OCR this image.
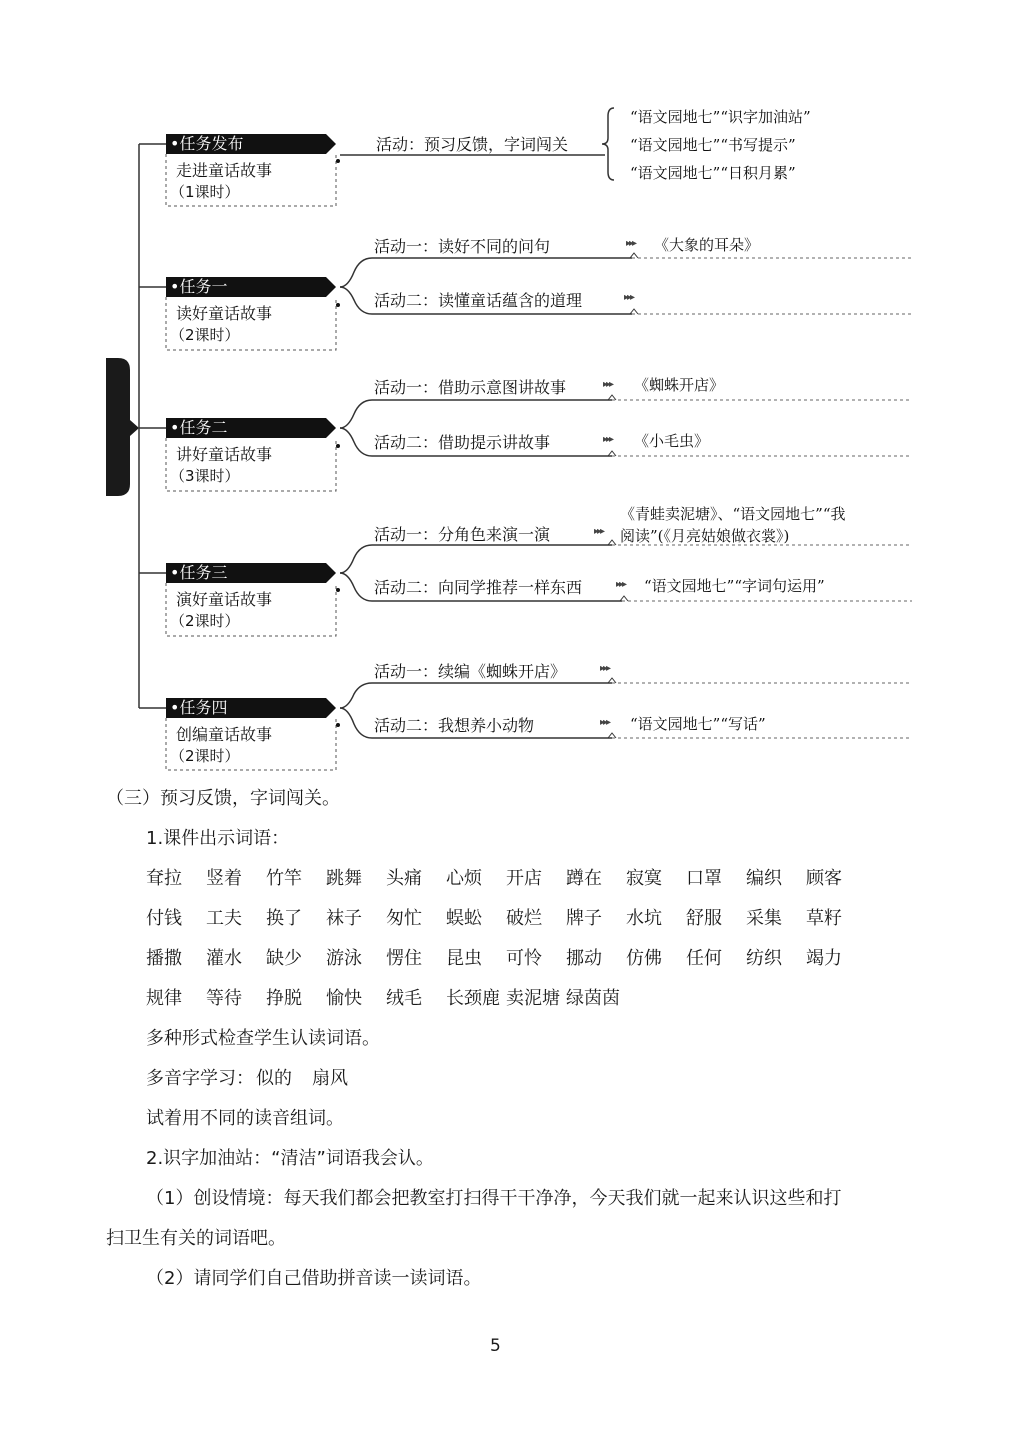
•任务发布
•任务一
•任务二
•任务三
•任务四
走进童话故事
（1课时）
读好童话故事
（2课时）
讲好童话故事
（3课时）
演好童话故事
（2课时）
创编童话故事
（2课时）
活动：预习反馈，字词闯关
“语文园地七”“识字加油站”
“语文园地七”“书写提示”
“语文园地七”“日积月累”
活动一：读好不同的问句	▸▸▸ 《大象的耳朵》
活动二：读懂童话蕴含的道理	▸▸▸
活动一：借助示意图讲故事	▸▸▸ 《蜘蛛开店》
活动二：借助提示讲故事	▸▸▸ 《小毛虫》
活动一：分角色来演一演	▸▸▸
《青蛙卖泥塘》、“语文园地七”“我
阅读”(《月亮姑娘做衣裳》)
活动二：向同学推荐一样东西	▸▸▸ “语文园地七”“字词句运用”
活动一：续编《蜘蛛开店》	▸▸▸
活动二：我想养小动物	▸▸▸ “语文园地七”“写话”
（三）预习反馈，字词闯关。
1.课件出示词语：
耷拉 竖着 竹竿 跳舞 头痛 心烦 开店 蹲在 寂寞 口罩 编织 顾客
付钱 工夫 换了 袜子 匆忙 蜈蚣 破烂 牌子 水坑 舒服 采集 草籽
播撒 灌水 缺少 游泳 愣住 昆虫 可怜 挪动 仿佛 任何 纺织 竭力
规律 等待 挣脱 愉快 绒毛 长颈鹿 卖泥塘 绿茵茵
多种形式检查学生认读词语。
多音字学习： 似的 扇风
试着用不同的读音组词。
2.识字加油站：“清洁”词语我会认。
（1）创设情境：每天我们都会把教室打扫得干干净净，今天我们就一起来认识这些和打
扫卫生有关的词语吧。
（2）请同学们自己借助拼音读一读词语。
5
